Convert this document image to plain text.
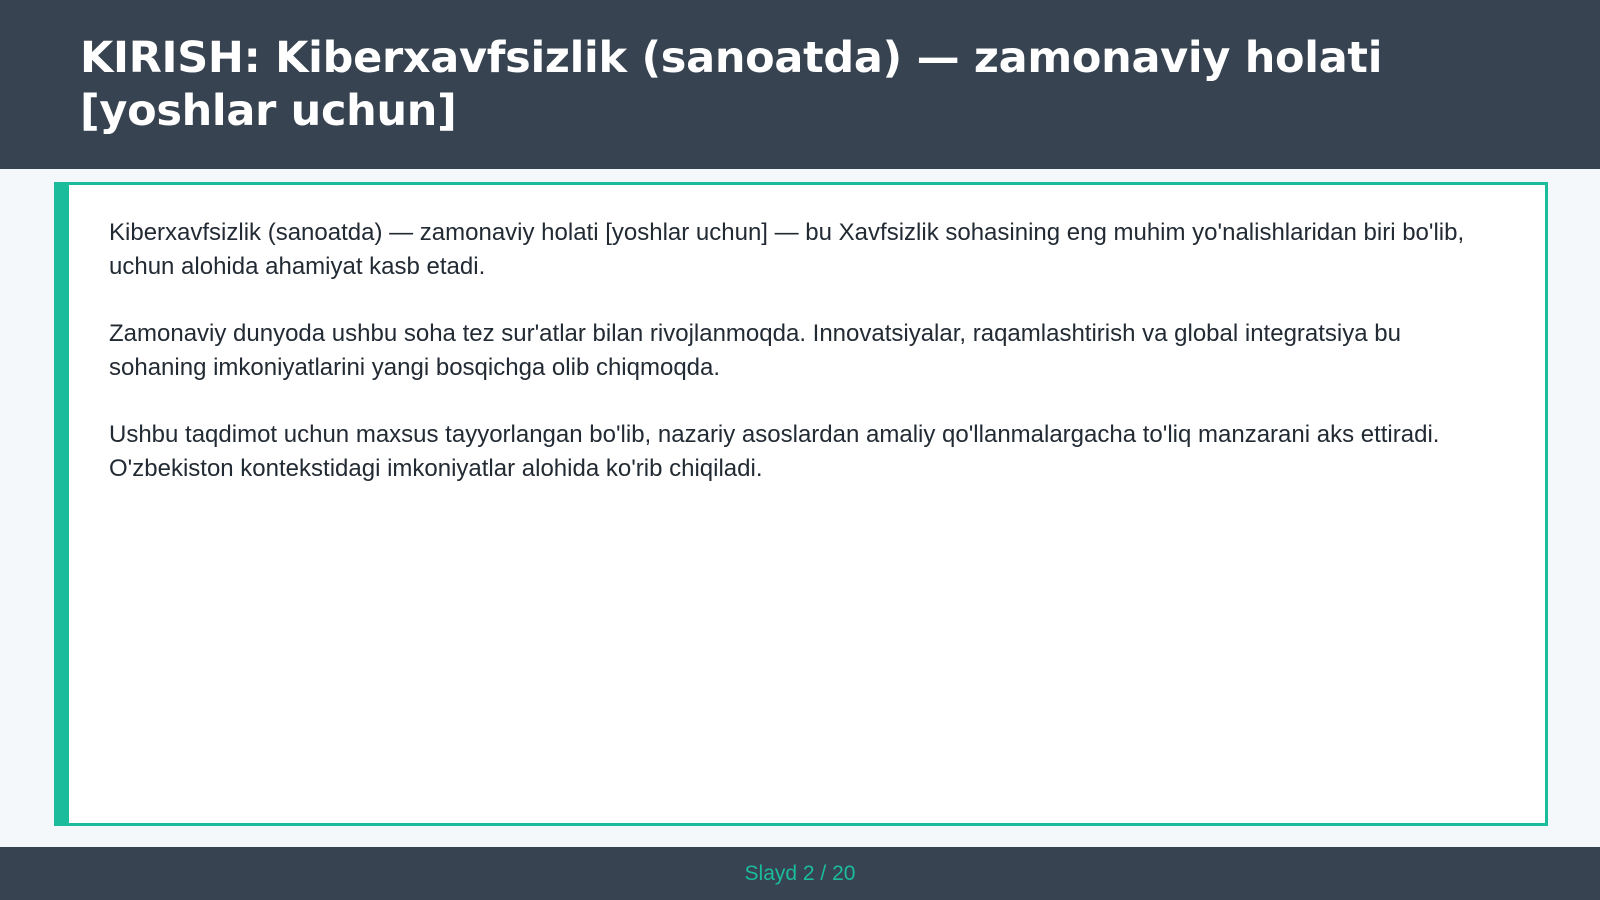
KIRISH: Kiberxavfsizlik (sanoatda) — zamonaviy holati [yoshlar uchun]

Kiberxavfsizlik (sanoatda) — zamonaviy holati [yoshlar uchun] — bu Xavfsizlik sohasining eng muhim yo'nalishlaridan biri bo'lib, uchun alohida ahamiyat kasb etadi.

Zamonaviy dunyoda ushbu soha tez sur'atlar bilan rivojlanmoqda. Innovatsiyalar, raqamlashtirish va global integratsiya bu sohaning imkoniyatlarini yangi bosqichga olib chiqmoqda.

Ushbu taqdimot uchun maxsus tayyorlangan bo'lib, nazariy asoslardan amaliy qo'llanmalargacha to'liq manzarani aks ettiradi. O'zbekiston kontekstidagi imkoniyatlar alohida ko'rib chiqiladi.

Slayd 2 / 20
